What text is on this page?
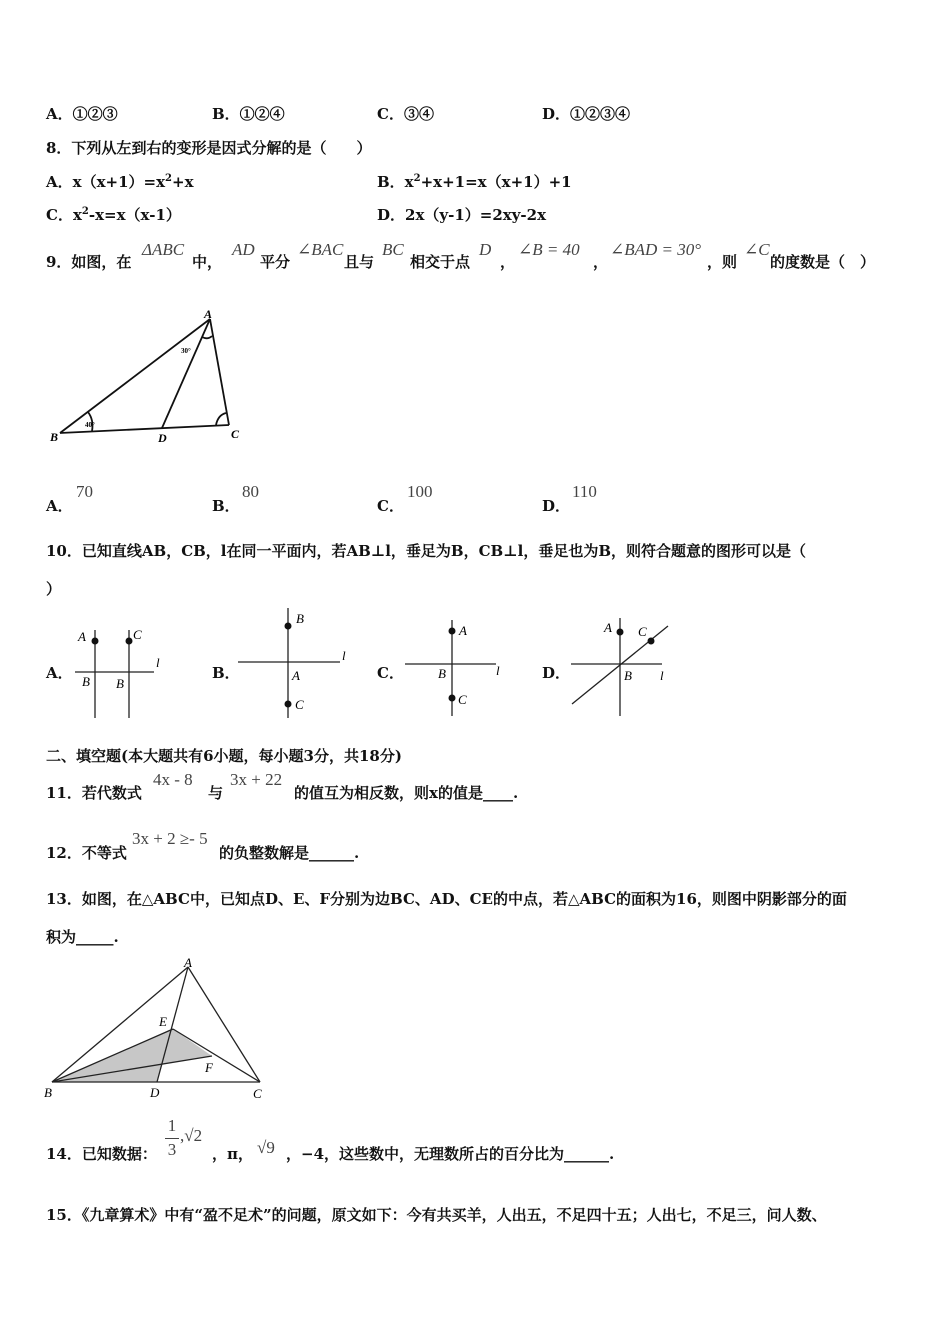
A．①②③	B．①②④	C．③④	D．①②③④
8．下列从左到右的变形是因式分解的是（　　）
A．$x(x+1)=x^2+x$	B．$x^2+x+1=x(x+1)+1$
C．$x^2-x=x(x-1)$	D．2x（y-1）=2xy-2x
9．如图，在
ΔABC
中，
AD
平分
∠BAC
且与
BC
相交于点
D
，
∠B = 40
，
∠BAD = 30°
，则
∠C
的度数是（　）
A
B	D	C
40°
30°
A．
70
B．
80
C．
100
D．
110
10．已知直线AB，CB，l在同一平面内，若AB⊥l，垂足为B，CB⊥l，垂足也为B，则符合题意的图形可以是（
）
A．
A	C
l
B B
B．
B
l
A
C
C．
A
l
B
C
D．
A C
B l
二、填空题(本大题共有6小题，每小题3分，共18分)
11．若代数式
4x - 8
与
3x + 22
的值互为相反数，则x的值是____.
12．不等式
3x + 2 ≥- 5
的负整数解是______.
13．如图，在△ABC中，已知点D、E、F分别为边BC、AD、CE的中点，若△ABC的面积为16，则图中阴影部分的面
积为_____.
A
B	D	C
E
F
14．已知数据：
1
3
,√2
，π， √9 ，−4，这些数中，无理数所占的百分比为______.
15．《九章算术》中有“盈不足术”的问题，原文如下：今有共买羊，人出五，不足四十五；人出七，不足三，问人数、
